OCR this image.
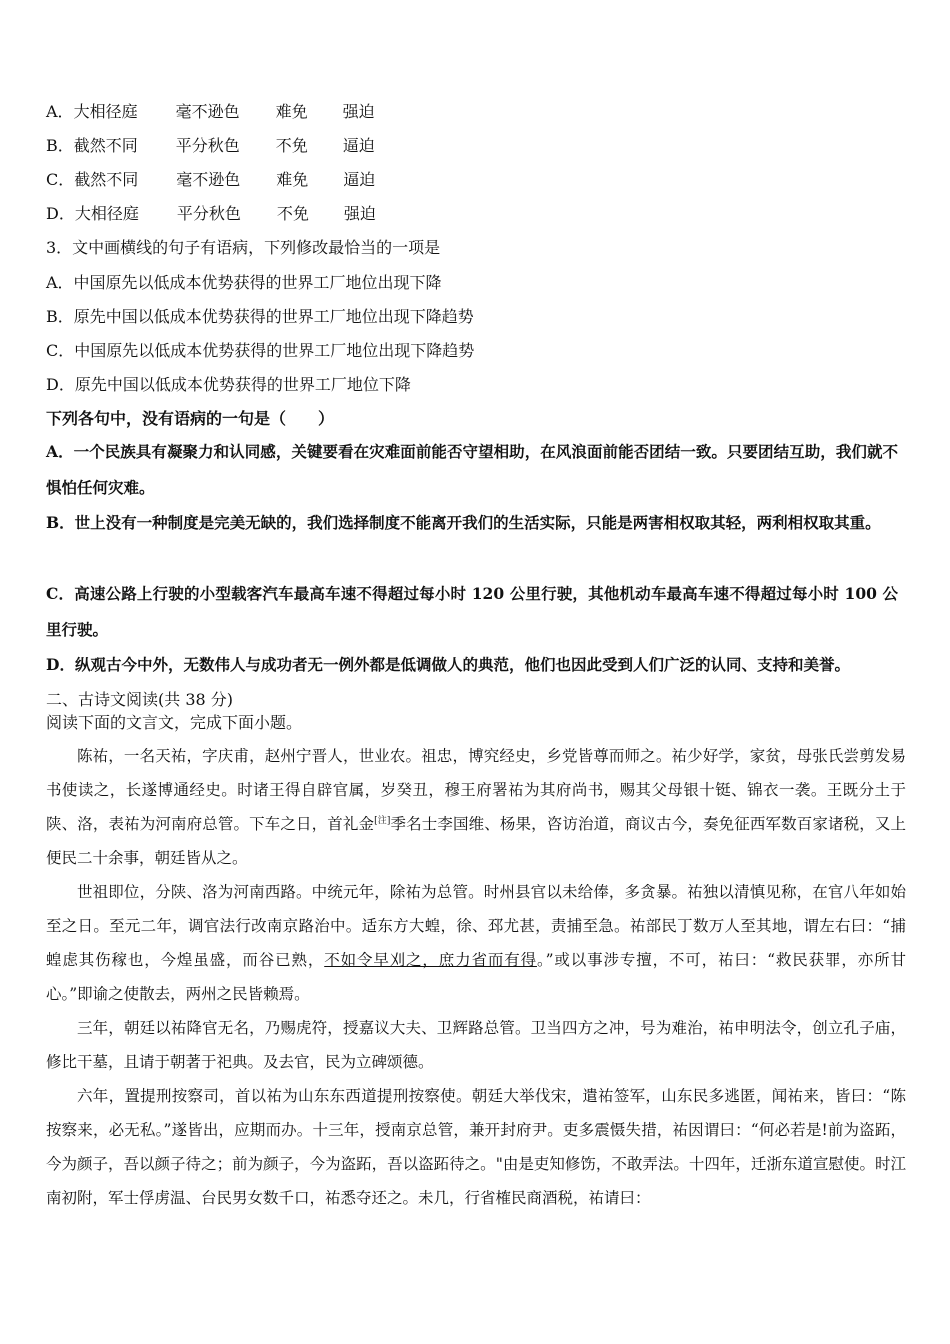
A．大相径庭 毫不逊色 难免 强迫
B．截然不同 平分秋色 不免 逼迫
C．截然不同 毫不逊色 难免 逼迫
D．大相径庭 平分秋色 不免 强迫
3．文中画横线的句子有语病，下列修改最恰当的一项是
A．中国原先以低成本优势获得的世界工厂地位出现下降
B．原先中国以低成本优势获得的世界工厂地位出现下降趋势
C．中国原先以低成本优势获得的世界工厂地位出现下降趋势
D．原先中国以低成本优势获得的世界工厂地位下降
下列各句中，没有语病的一句是（　　）
A．一个民族具有凝聚力和认同感，关键要看在灾难面前能否守望相助，在风浪面前能否团结一致。只要团结互助，我们就不惧怕任何灾难。
B．世上没有一种制度是完美无缺的，我们选择制度不能离开我们的生活实际，只能是两害相权取其轻，两利相权取其重。
C．高速公路上行驶的小型载客汽车最高车速不得超过每小时 120 公里行驶，其他机动车最高车速不得超过每小时 100 公里行驶。
D．纵观古今中外，无数伟人与成功者无一例外都是低调做人的典范，他们也因此受到人们广泛的认同、支持和美誉。
二、古诗文阅读(共 38 分)
阅读下面的文言文，完成下面小题。

陈祐，一名天祐，字庆甫，赵州宁晋人，世业农。祖忠，博究经史，乡党皆尊而师之。祐少好学，家贫，母张氏尝剪发易书使读之，长遂博通经史。时诸王得自辟官属，岁癸丑，穆王府署祐为其府尚书，赐其父母银十铤、锦衣一袭。王既分土于陕、洛，表祐为河南府总管。下车之日，首礼金[注]季名士李国维、杨果，咨访治道，商议古今，奏免征西军数百家诸税，又上便民二十余事，朝廷皆从之。

世祖即位，分陕、洛为河南西路。中统元年，除祐为总管。时州县官以未给俸，多贪暴。祐独以清慎见称，在官八年如始至之日。至元二年，调官法行改南京路治中。适东方大蝗，徐、邳尤甚，责捕至急。祐部民丁数万人至其地，谓左右曰：“捕蝗虑其伤稼也，今煌虽盛，而谷已熟，不如令早刈之，庶力省而有得。”或以事涉专擅，不可，祐曰：“救民获罪，亦所甘心。”即谕之使散去，两州之民皆赖焉。

三年，朝廷以祐降官无名，乃赐虎符，授嘉议大夫、卫辉路总管。卫当四方之冲，号为难治，祐申明法令，创立孔子庙，修比干墓，且请于朝著于祀典。及去官，民为立碑颂德。

六年，置提刑按察司，首以祐为山东东西道提刑按察使。朝廷大举伐宋，遣祐签军，山东民多逃匿，闻祐来，皆曰：“陈按察来，必无私。”遂皆出，应期而办。十三年，授南京总管，兼开封府尹。吏多震慑失措，祐因谓曰：“何必若是!前为盗跖，今为颜子，吾以颜子待之；前为颜子，今为盗跖，吾以盗跖待之。"由是吏知修饬，不敢弄法。十四年，迁浙东道宣慰使。时江南初附，军士俘虏温、台民男女数千口，祐悉夺还之。未几，行省榷民商酒税，祐请曰：
